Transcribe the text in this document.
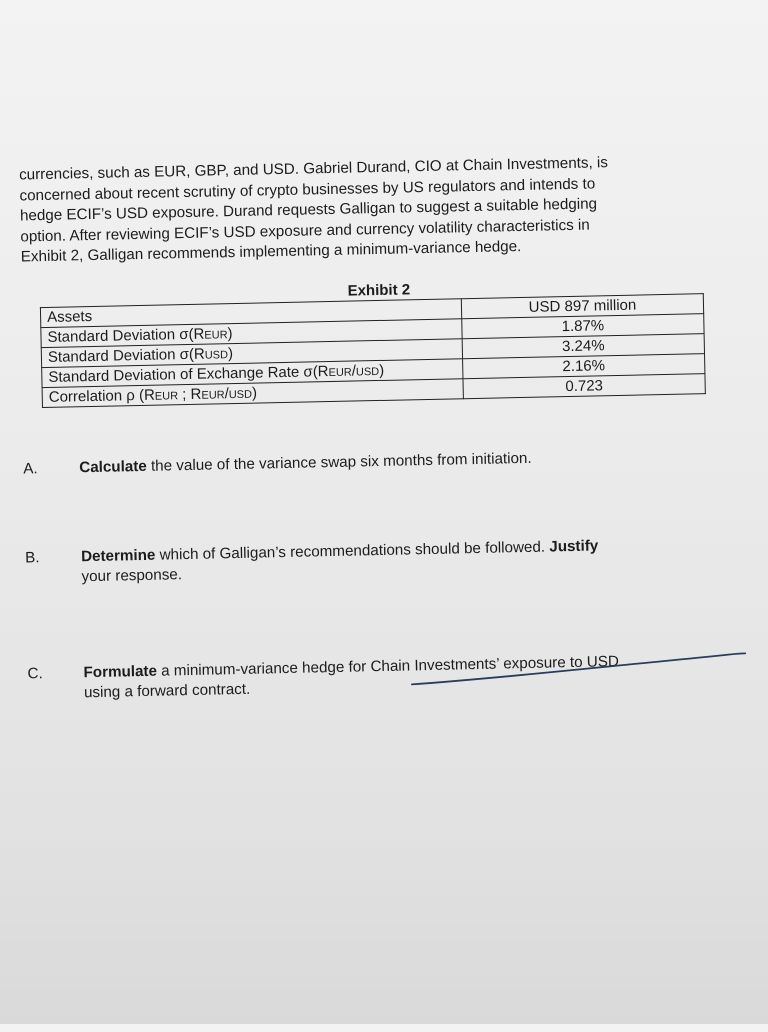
currencies, such as EUR, GBP, and USD. Gabriel Durand, CIO at Chain Investments, is
concerned about recent scrutiny of crypto businesses by US regulators and intends to
hedge ECIF’s USD exposure. Durand requests Galligan to suggest a suitable hedging
option. After reviewing ECIF’s USD exposure and currency volatility characteristics in
Exhibit 2, Galligan recommends implementing a minimum-variance hedge.

Exhibit 2
Assets	USD 897 million
Standard Deviation σ(Reur)	1.87%
Standard Deviation σ(Rusd)	3.24%
Standard Deviation of Exchange Rate σ(Reur/usd)	2.16%
Correlation ρ (Reur ; Reur/usd)	0.723
A.	Calculate the value of the variance swap six months from initiation.
B.	Determine which of Galligan’s recommendations should be followed. Justify
your response.
C.	Formulate a minimum-variance hedge for Chain Investments’ exposure to USD
using a forward contract.
